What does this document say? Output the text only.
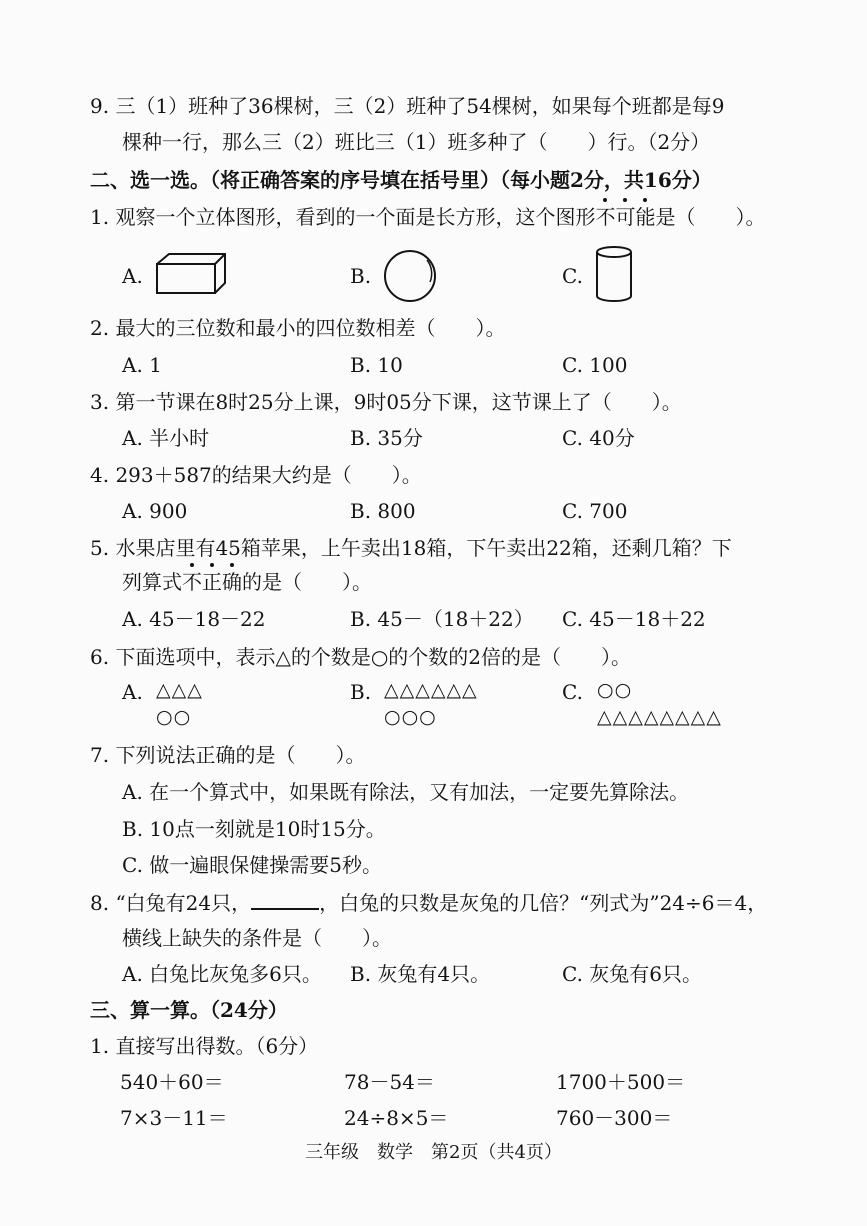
9. 三（1）班种了36棵树，三（2）班种了54棵树，如果每个班都是每9
棵种一行，那么三（2）班比三（1）班多种了（　　）行。（2分）
二、选一选。（将正确答案的序号填在括号里）（每小题2分，共16分）
1. 观察一个立体图形，看到的一个面是长方形，这个图形不可能是（　　）。
A.	B.	C.
2. 最大的三位数和最小的四位数相差（　　）。
A. 1	B. 10	C. 100
3. 第一节课在8时25分上课，9时05分下课，这节课上了（　　）。
A. 半小时	B. 35分	C. 40分
4. 293＋587的结果大约是（　　）。
A. 900	B. 800	C. 700
5. 水果店里有45箱苹果，上午卖出18箱，下午卖出22箱，还剩几箱？下
列算式不正确的是（　　）。
A. 45－18－22	B. 45－（18＋22） C. 45－18＋22
6. 下面选项中，表示△的个数是○的个数的2倍的是（　　）。
A. △△△
○○
B. △△△△△△
○○○
C. ○○
△△△△△△△△
7. 下列说法正确的是（　　）。
A. 在一个算式中，如果既有除法，又有加法，一定要先算除法。
B. 10点一刻就是10时15分。
C. 做一遍眼保健操需要5秒。
8. “白兔有24只，	，白兔的只数是灰兔的几倍？“列式为”24÷6＝4，
横线上缺失的条件是（　　）。
A. 白兔比灰兔多6只。 B. 灰兔有4只。	C. 灰兔有6只。
三、算一算。（24分）
1. 直接写出得数。（6分）
540＋60＝	78－54＝	1700＋500＝
7×3－11＝	24÷8×5＝	760－300＝
三年级　数学　第2页（共4页）
